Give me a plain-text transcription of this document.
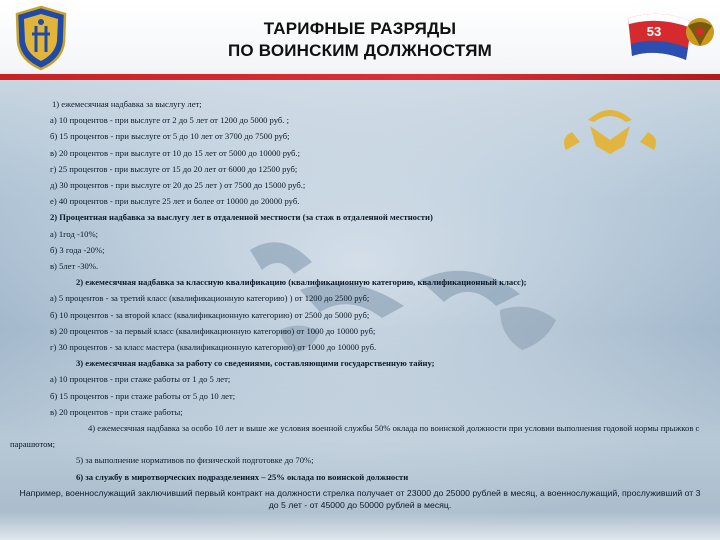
ТАРИФНЫЕ РАЗРЯДЫ
ПО ВОИНСКИМ ДОЛЖНОСТЯМ
53
1) ежемесячная надбавка за выслугу лет;
а) 10 процентов - при выслуге от 2 до 5 лет от 1200 до 5000 руб. ;
б) 15 процентов - при выслуге от 5 до 10 лет от 3700 до 7500 руб;
в) 20 процентов - при выслуге от 10 до 15 лет от 5000 до 10000 руб.;
г) 25 процентов - при выслуге от 15 до 20 лет от 6000 до 12500 руб;
д) 30 процентов - при выслуге от 20 до 25 лет ) от 7500 до 15000 руб.;
е) 40 процентов - при выслуге 25 лет и более от 10000 до 20000 руб.
2) Процентная надбавка за выслугу лет в отдаленной местности (за стаж в отдаленной местности)
а) 1год -10%;
б) 3 года -20%;
в) 5лет -30%.
2) ежемесячная надбавка за классную квалификацию (квалификационную категорию, квалификационный класс);
а) 5 процентов - за третий класс (квалификационную категорию) ) от 1200 до 2500 руб;
б) 10 процентов - за второй класс (квалификационную категорию) от 2500 до 5000 руб;
в) 20 процентов - за первый класс (квалификационную категорию) от 1000 до 10000 руб;
г) 30 процентов - за класс мастера (квалификационную категорию) от 1000 до 10000 руб.
3) ежемесячная надбавка за работу со сведениями, составляющими государственную тайну;
а) 10 процентов - при стаже работы от 1 до 5 лет;
б) 15 процентов - при стаже работы от 5 до 10 лет;
в) 20 процентов - при стаже работы;
4) ежемесячная надбавка за особо 10 лет и выше же условия военной службы 50% оклада по воинской должности при условии выполнения годовой нормы прыжков с парашютом;
5) за выполнение нормативов по физической подготовке до 70%;
6) за службу в миротворческих подразделениях – 25% оклада по воинской должности
Например, военнослужащий заключивший первый контракт на должности стрелка получает от 23000 до 25000 рублей в месяц, а военнослужащий, прослуживший от 3 до 5 лет - от 45000 до 50000 рублей в месяц.
